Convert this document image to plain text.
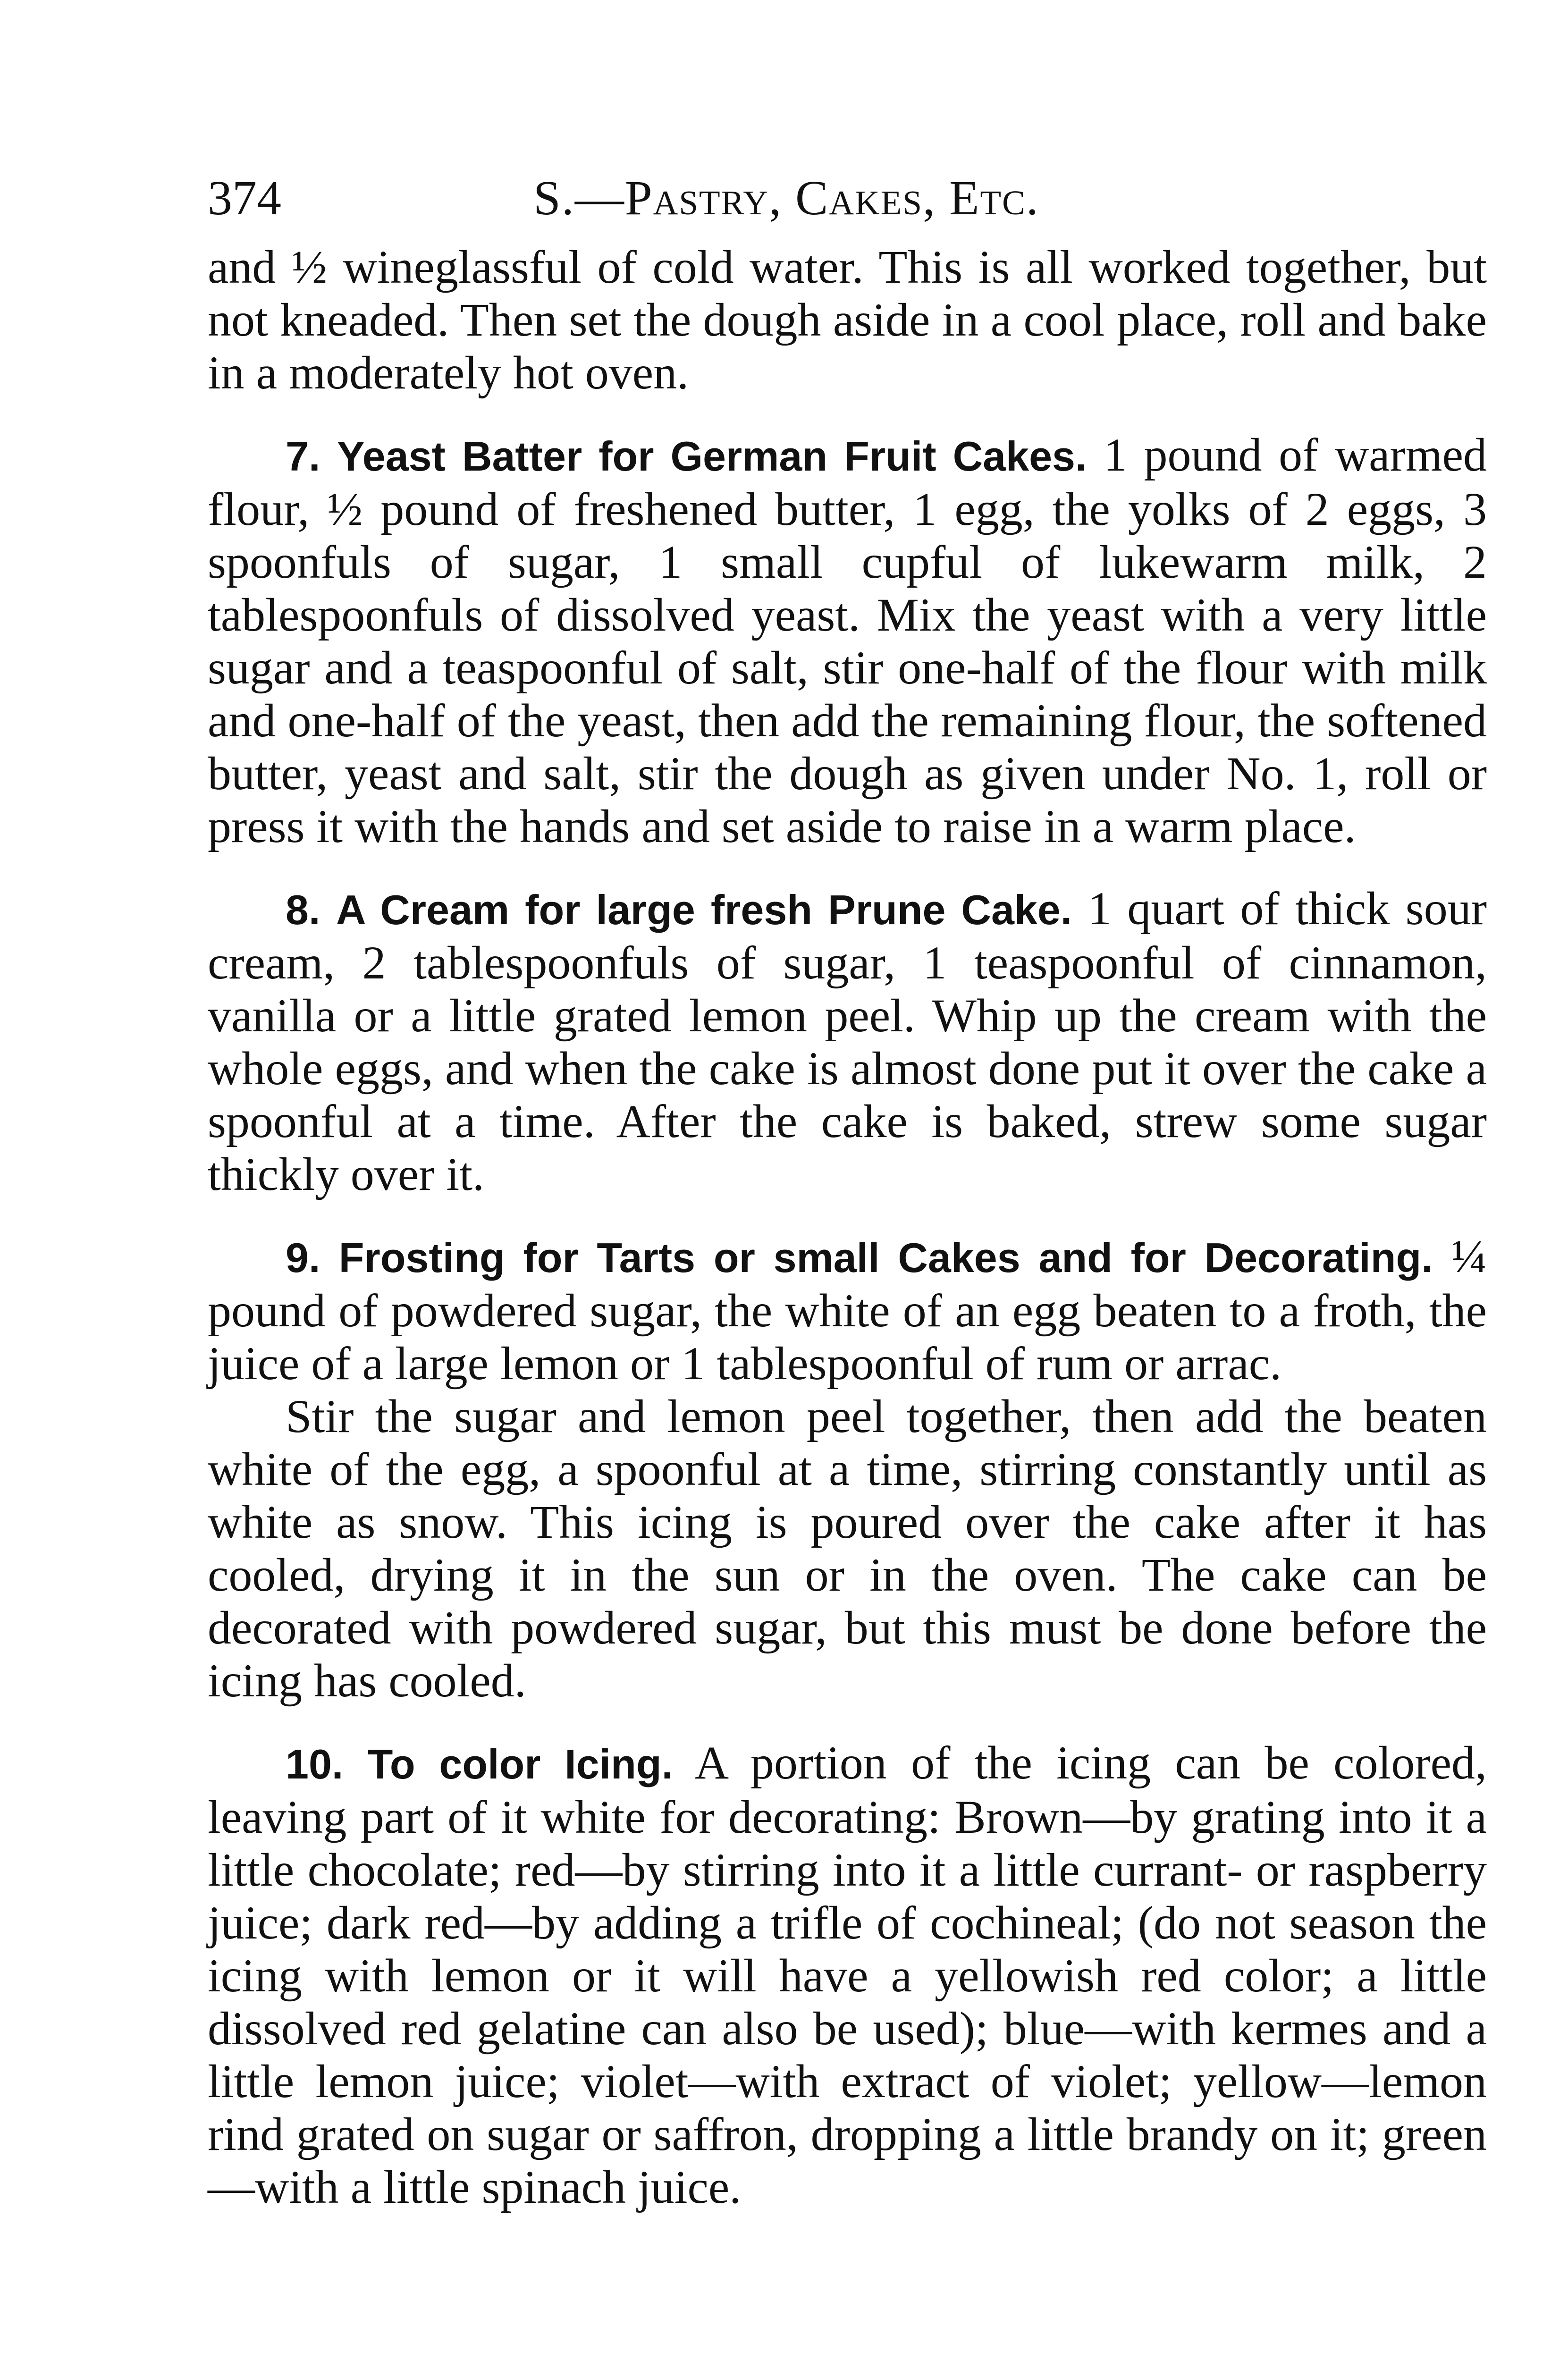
374	S.—Pastry, Cakes, Etc.

and ½ wineglassful of cold water. This is all worked together, but not kneaded. Then set the dough aside in a cool place, roll and bake in a moderately hot oven.

7. Yeast Batter for German Fruit Cakes. 1 pound of warmed flour, ½ pound of freshened butter, 1 egg, the yolks of 2 eggs, 3 spoonfuls of sugar, 1 small cupful of lukewarm milk, 2 tablespoonfuls of dissolved yeast. Mix the yeast with a very little sugar and a teaspoonful of salt, stir one-half of the flour with milk and one-half of the yeast, then add the remaining flour, the softened butter, yeast and salt, stir the dough as given under No. 1, roll or press it with the hands and set aside to raise in a warm place.

8. A Cream for large fresh Prune Cake. 1 quart of thick sour cream, 2 tablespoonfuls of sugar, 1 teaspoonful of cinnamon, vanilla or a little grated lemon peel. Whip up the cream with the whole eggs, and when the cake is almost done put it over the cake a spoonful at a time. After the cake is baked, strew some sugar thickly over it.

9. Frosting for Tarts or small Cakes and for Decorating. ¼ pound of powdered sugar, the white of an egg beaten to a froth, the juice of a large lemon or 1 tablespoonful of rum or arrac.

Stir the sugar and lemon peel together, then add the beaten white of the egg, a spoonful at a time, stirring constantly until as white as snow. This icing is poured over the cake after it has cooled, drying it in the sun or in the oven. The cake can be decorated with powdered sugar, but this must be done before the icing has cooled.

10. To color Icing. A portion of the icing can be colored, leaving part of it white for decorating: Brown—by grating into it a little chocolate; red—by stirring into it a little currant- or raspberry juice; dark red—by adding a trifle of cochineal; (do not season the icing with lemon or it will have a yellowish red color; a little dissolved red gelatine can also be used); blue—with kermes and a little lemon juice; violet—with extract of violet; yellow—lemon rind grated on sugar or saffron, dropping a little brandy on it; green—with a little spinach juice.
